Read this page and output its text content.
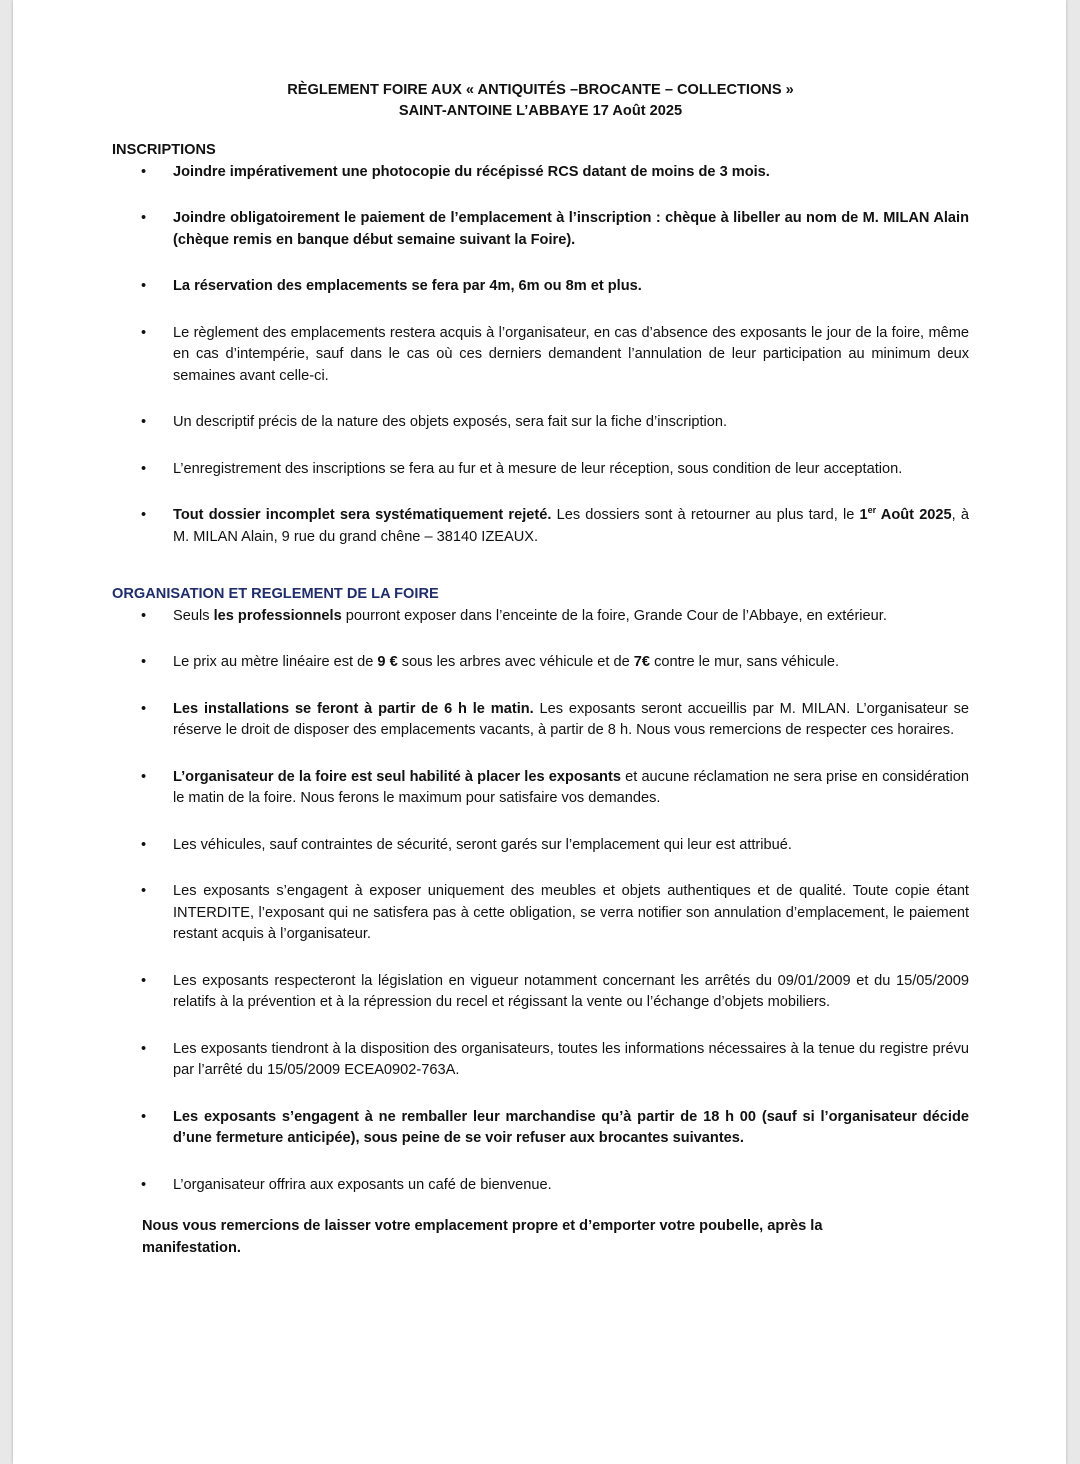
RÈGLEMENT FOIRE AUX « ANTIQUITÉS –BROCANTE – COLLECTIONS »
SAINT-ANTOINE L’ABBAYE 17 Août 2025

INSCRIPTIONS

• Joindre impérativement une photocopie du récépissé RCS datant de moins de 3 mois.
• Joindre obligatoirement le paiement de l’emplacement à l’inscription : chèque à libeller au nom de M. MILAN Alain (chèque remis en banque début semaine suivant la Foire).
• La réservation des emplacements se fera par 4m, 6m ou 8m et plus.
• Le règlement des emplacements restera acquis à l’organisateur, en cas d’absence des exposants le jour de la foire, même en cas d’intempérie, sauf dans le cas où ces derniers demandent l’annulation de leur participation au minimum deux semaines avant celle-ci.
• Un descriptif précis de la nature des objets exposés, sera fait sur la fiche d’inscription.
• L’enregistrement des inscriptions se fera au fur et à mesure de leur réception, sous condition de leur acceptation.
• Tout dossier incomplet sera systématiquement rejeté. Les dossiers sont à retourner au plus tard, le 1er Août 2025, à M. MILAN Alain, 9 rue du grand chêne – 38140 IZEAUX.

ORGANISATION ET REGLEMENT DE LA FOIRE

• Seuls les professionnels pourront exposer dans l’enceinte de la foire, Grande Cour de l’Abbaye, en extérieur.
• Le prix au mètre linéaire est de 9 € sous les arbres avec véhicule et de 7€ contre le mur, sans véhicule.
• Les installations se feront à partir de 6 h le matin. Les exposants seront accueillis par M. MILAN. L’organisateur se réserve le droit de disposer des emplacements vacants, à partir de 8 h. Nous vous remercions de respecter ces horaires.
• L’organisateur de la foire est seul habilité à placer les exposants et aucune réclamation ne sera prise en considération le matin de la foire. Nous ferons le maximum pour satisfaire vos demandes.
• Les véhicules, sauf contraintes de sécurité, seront garés sur l’emplacement qui leur est attribué.
• Les exposants s’engagent à exposer uniquement des meubles et objets authentiques et de qualité. Toute copie étant INTERDITE, l’exposant qui ne satisfera pas à cette obligation, se verra notifier son annulation d’emplacement, le paiement restant acquis à l’organisateur.
• Les exposants respecteront la législation en vigueur notamment concernant les arrêtés du 09/01/2009 et du 15/05/2009 relatifs à la prévention et à la répression du recel et régissant la vente ou l’échange d’objets mobiliers.
• Les exposants tiendront à la disposition des organisateurs, toutes les informations nécessaires à la tenue du registre prévu par l’arrêté du 15/05/2009 ECEA0902-763A.
• Les exposants s’engagent à ne remballer leur marchandise qu’à partir de 18 h 00 (sauf si l’organisateur décide d’une fermeture anticipée), sous peine de se voir refuser aux brocantes suivantes.
• L’organisateur offrira aux exposants un café de bienvenue.

Nous vous remercions de laisser votre emplacement propre et d’emporter votre poubelle, après la manifestation.
